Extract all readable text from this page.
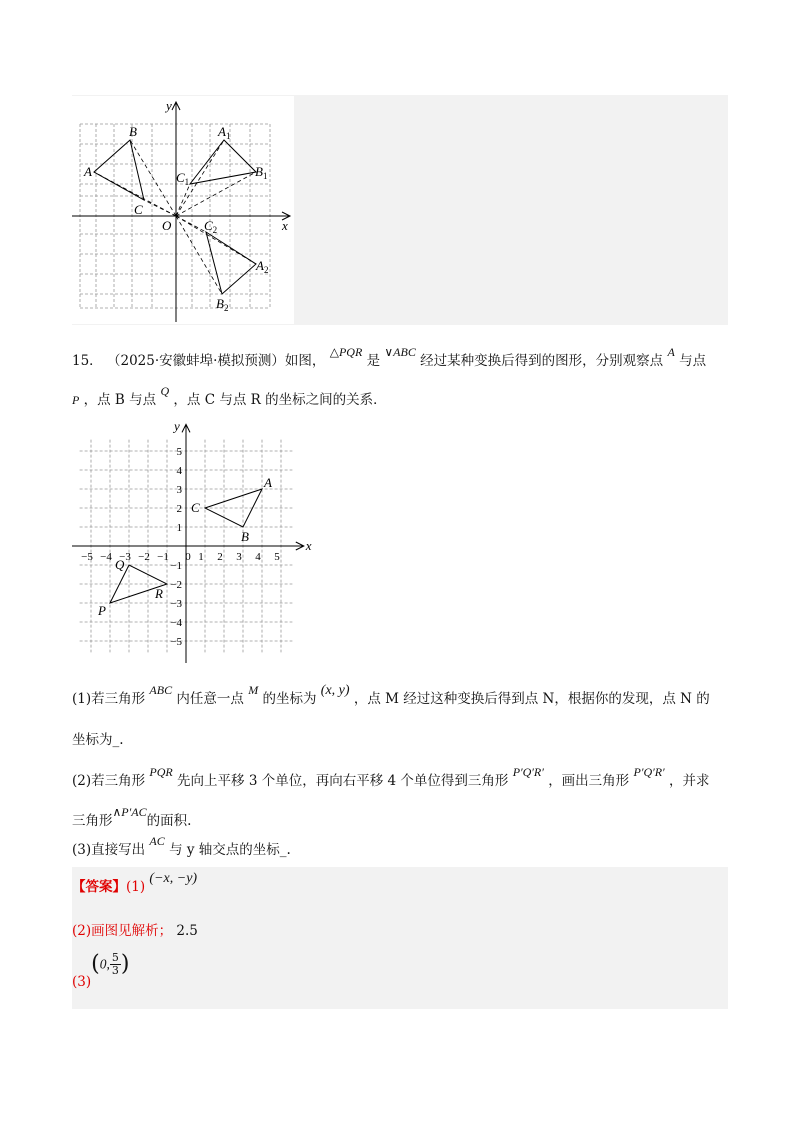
x
y
O
A
B
C
$A_1$
$B_1$
$C_1$
$A_2$
$B_2$
$C_2$
15． （2025·安徽蚌埠·模拟预测）如图， △PQR 是 ∨ABC 经过某种变换后得到的图形，分别观察点 A 与点
P ，点 B 与点 Q ，点 C 与点 R 的坐标之间的关系．
x
y
−5 −4 −3 −2 −1 0 1 2 3 4 5
5
4
3
2
1
−1
−2
−3
−4
−5
A
B
C
P
Q
R
(1)若三角形 ABC 内任意一点 M 的坐标为 (x, y) ，点 M 经过这种变换后得到点 N，根据你的发现，点 N 的
坐标为_.
(2)若三角形 PQR 先向上平移 3 个单位，再向右平移 4 个单位得到三角形 P′Q′R′ ，画出三角形 P′Q′R′ ，并求
三角形∧P′AC的面积.
(3)直接写出 AC 与 y 轴交点的坐标_.
【答案】(1) (−x, −y)
(2)画图见解析； 2.5
(3)(0, $\frac{5}{3}$ )
